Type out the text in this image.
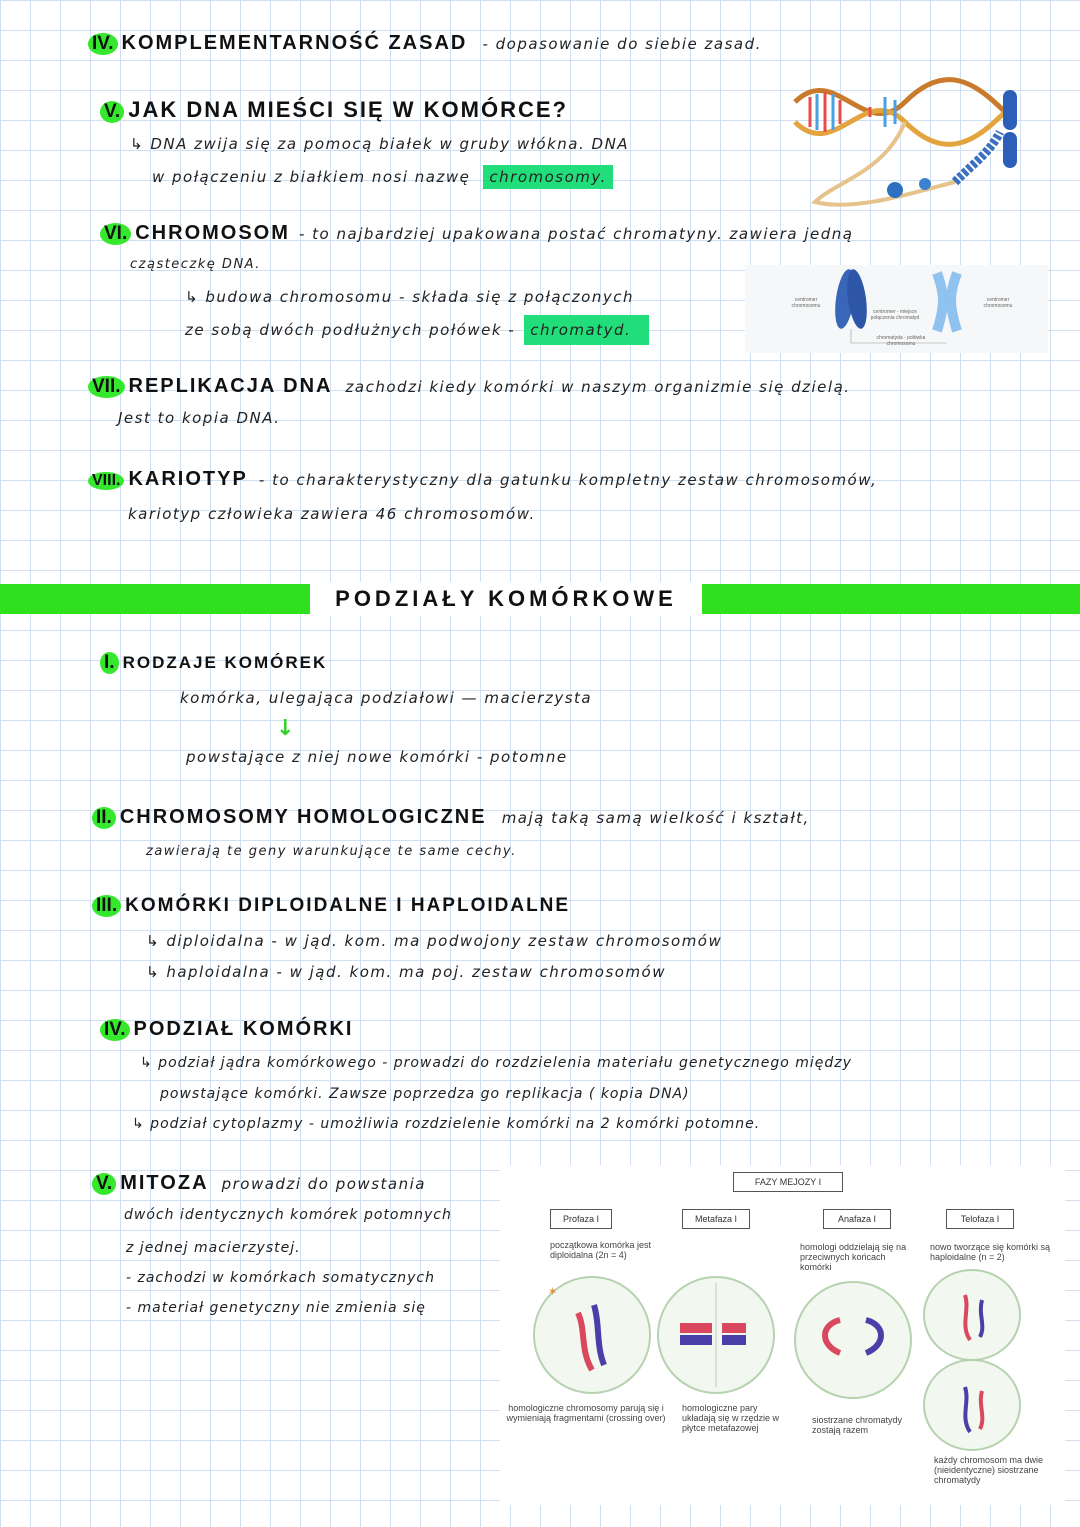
IV. KOMPLEMENTARNOŚĆ ZASAD - dopasowanie do siebie zasad.
V. JAK DNA MIEŚCI SIĘ W KOMÓRCE?
↳ DNA zwija się za pomocą białek w gruby włókna. DNA
w połączeniu z białkiem nosi nazwę chromosomy.
VI. CHROMOSOM - to najbardziej upakowana postać chromatyny. zawiera jedną
cząsteczkę DNA.
↳ budowa chromosomu - składa się z połączonych
ze sobą dwóch podłużnych połówek - chromatyd.
centromer chromosomu
centromer - miejsce połączenia chromatyd
chromatyda - połówka chromosomu
centromer chromosomu
VII. REPLIKACJA DNA zachodzi kiedy komórki w naszym organizmie się dzielą.
Jest to kopia DNA.
VIII. KARIOTYP - to charakterystyczny dla gatunku kompletny zestaw chromosomów,
kariotyp człowieka zawiera 46 chromosomów.
PODZIAŁY KOMÓRKOWE
I. RODZAJE KOMÓREK
komórka, ulegająca podziałowi — macierzysta
↓
powstające z niej nowe komórki - potomne
II. CHROMOSOMY HOMOLOGICZNE mają taką samą wielkość i kształt,
zawierają te geny warunkujące te same cechy.
III. KOMÓRKI DIPLOIDALNE I HAPLOIDALNE
↳ diploidalna - w jąd. kom. ma podwojony zestaw chromosomów
↳ haploidalna - w jąd. kom. ma poj. zestaw chromosomów
IV. PODZIAŁ KOMÓRKI
↳ podział jądra komórkowego - prowadzi do rozdzielenia materiału genetycznego między
powstające komórki. Zawsze poprzedza go replikacja ( kopia DNA)
↳ podział cytoplazmy - umożliwia rozdzielenie komórki na 2 komórki potomne.
V. MITOZA prowadzi do powstania
dwóch identycznych komórek potomnych
z jednej macierzystej.
- zachodzi w komórkach somatycznych
- materiał genetyczny nie zmienia się
FAZY MEJOZY I
Profaza I	Metafaza I	Anafaza I	Telofaza I
początkowa komórka jest diploidalna (2n = 4)
homologi oddzielają się na przeciwnych końcach komórki
nowo tworzące się komórki są haploidalne (n = 2)
✶
homologiczne chromosomy parują się i wymieniają fragmentami (crossing over)
homologiczne pary układają się w rzędzie w płytce metafazowej
siostrzane chromatydy zostają razem
każdy chromosom ma dwie (nieidentyczne) siostrzane chromatydy
